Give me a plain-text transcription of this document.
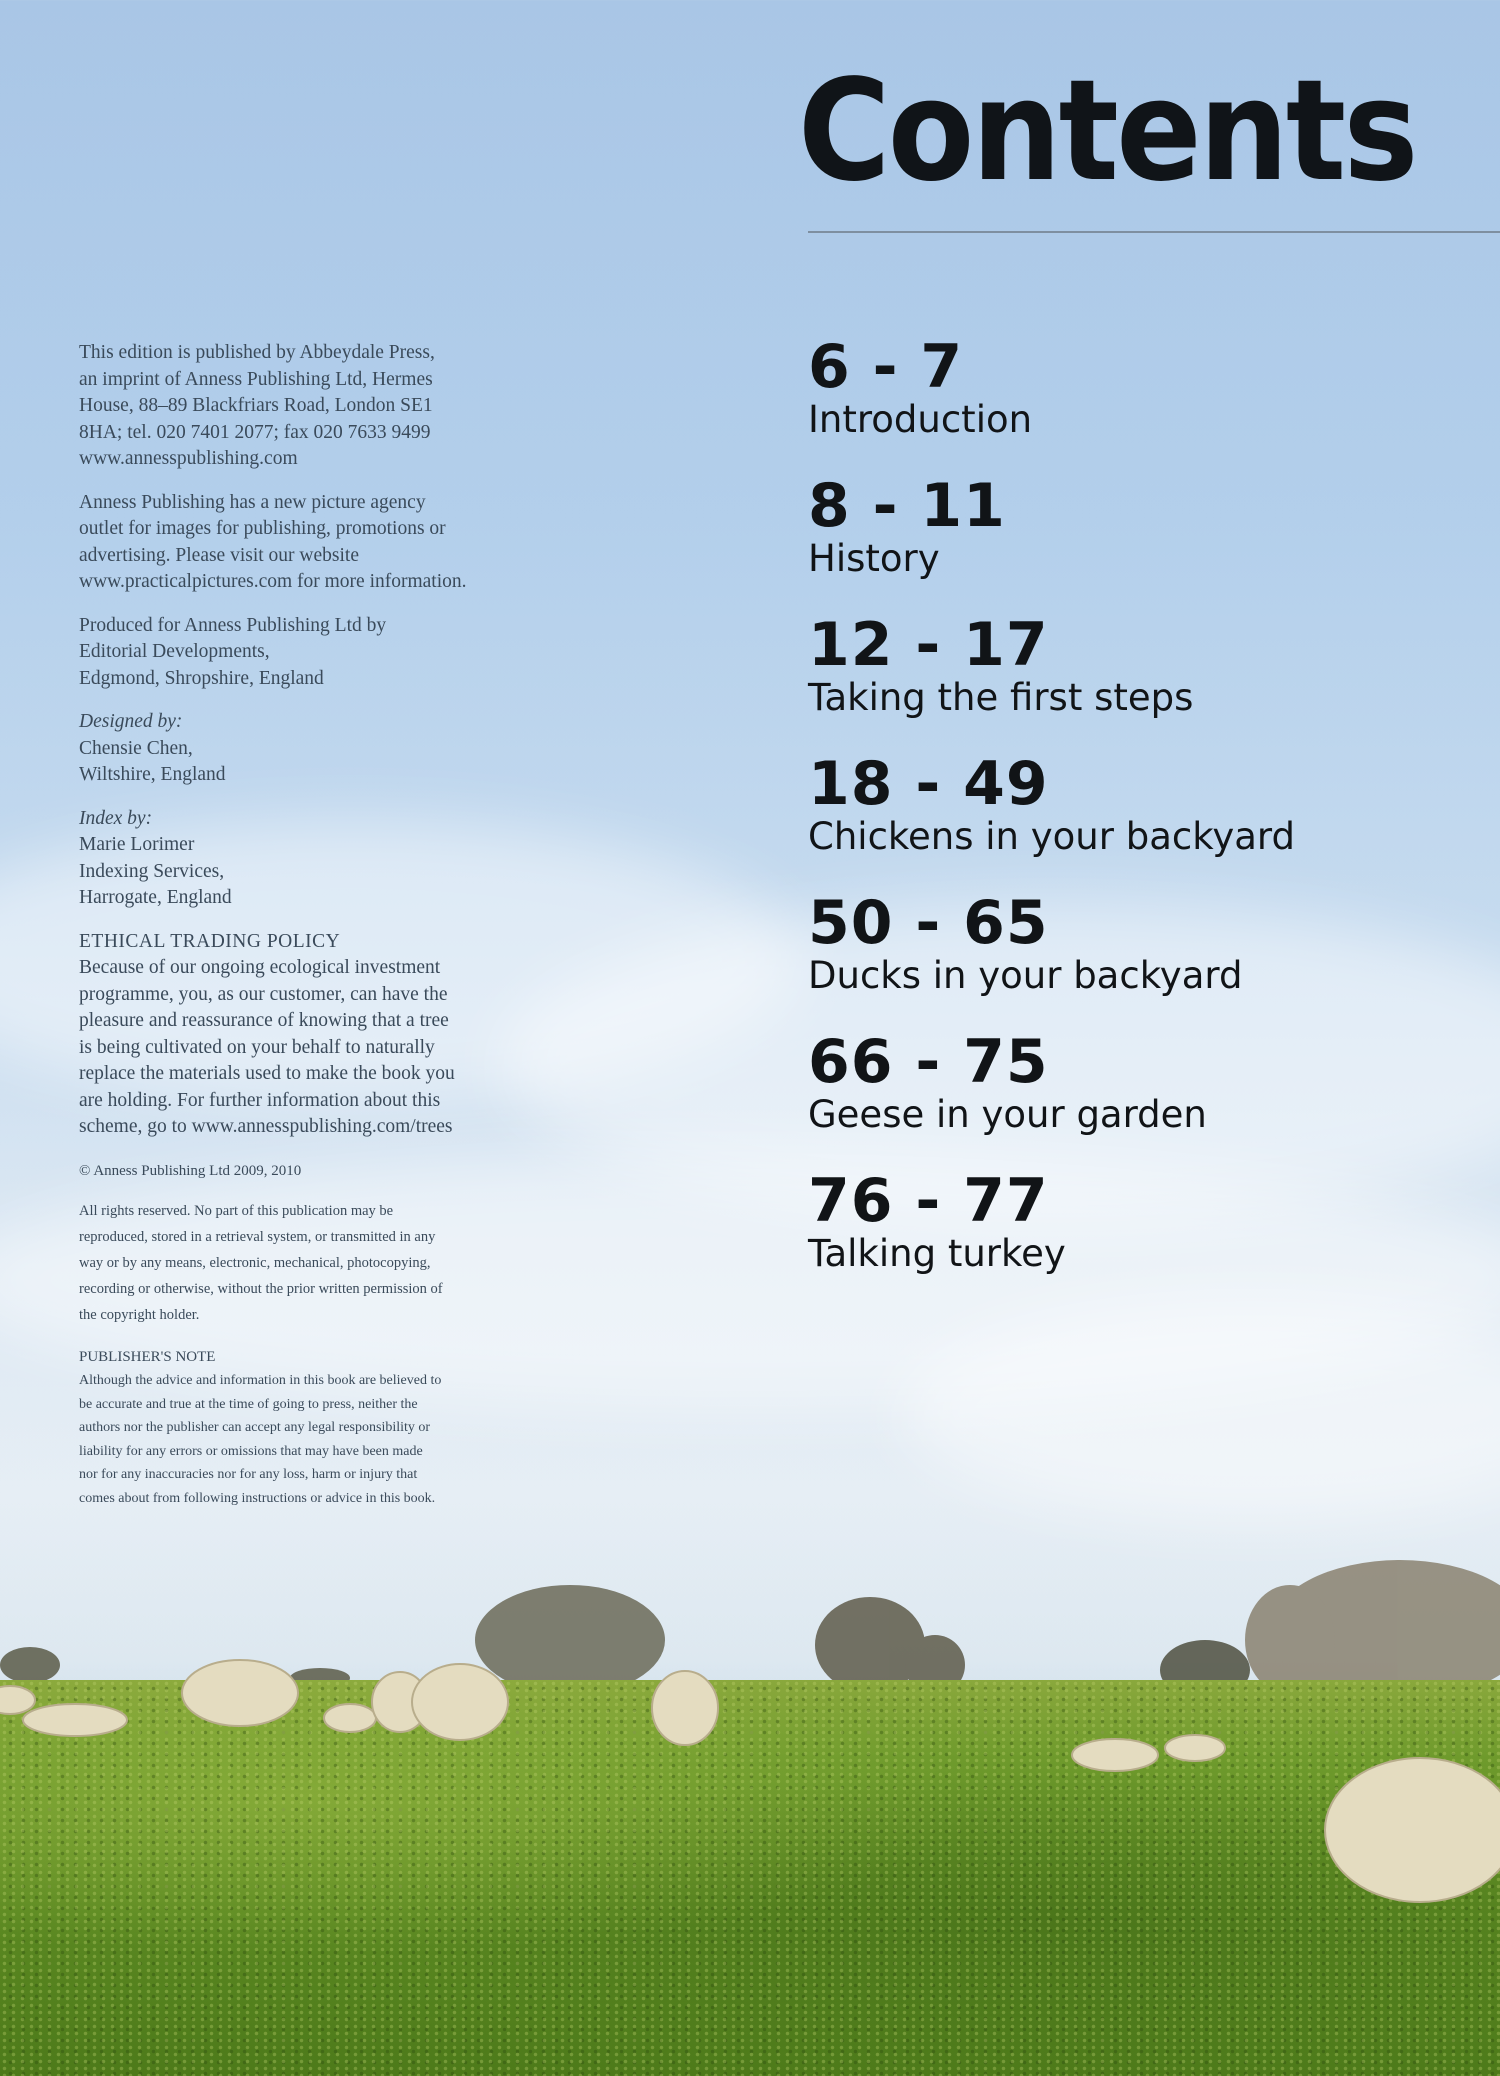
This edition is published by Abbeydale Press,
an imprint of Anness Publishing Ltd, Hermes
House, 88–89 Blackfriars Road, London SE1
8HA; tel. 020 7401 2077; fax 020 7633 9499
www.annesspublishing.com

Anness Publishing has a new picture agency
outlet for images for publishing, promotions or
advertising. Please visit our website
www.practicalpictures.com for more information.

Produced for Anness Publishing Ltd by
Editorial Developments,
Edgmond, Shropshire, England

Designed by:
Chensie Chen,
Wiltshire, England

Index by:
Marie Lorimer
Indexing Services,
Harrogate, England

ETHICAL TRADING POLICY
Because of our ongoing ecological investment
programme, you, as our customer, can have the
pleasure and reassurance of knowing that a tree
is being cultivated on your behalf to naturally
replace the materials used to make the book you
are holding. For further information about this
scheme, go to www.annesspublishing.com/trees

© Anness Publishing Ltd 2009, 2010

All rights reserved. No part of this publication may be
reproduced, stored in a retrieval system, or transmitted in any
way or by any means, electronic, mechanical, photocopying,
recording or otherwise, without the prior written permission of
the copyright holder.

PUBLISHER'S NOTE
Although the advice and information in this book are believed to
be accurate and true at the time of going to press, neither the
authors nor the publisher can accept any legal responsibility or
liability for any errors or omissions that may have been made
nor for any inaccuracies nor for any loss, harm or injury that
comes about from following instructions or advice in this book.

Contents
6 - 7
Introduction
8 - 11
History
12 - 17
Taking the first steps
18 - 49
Chickens in your backyard
50 - 65
Ducks in your backyard
66 - 75
Geese in your garden
76 - 77
Talking turkey
